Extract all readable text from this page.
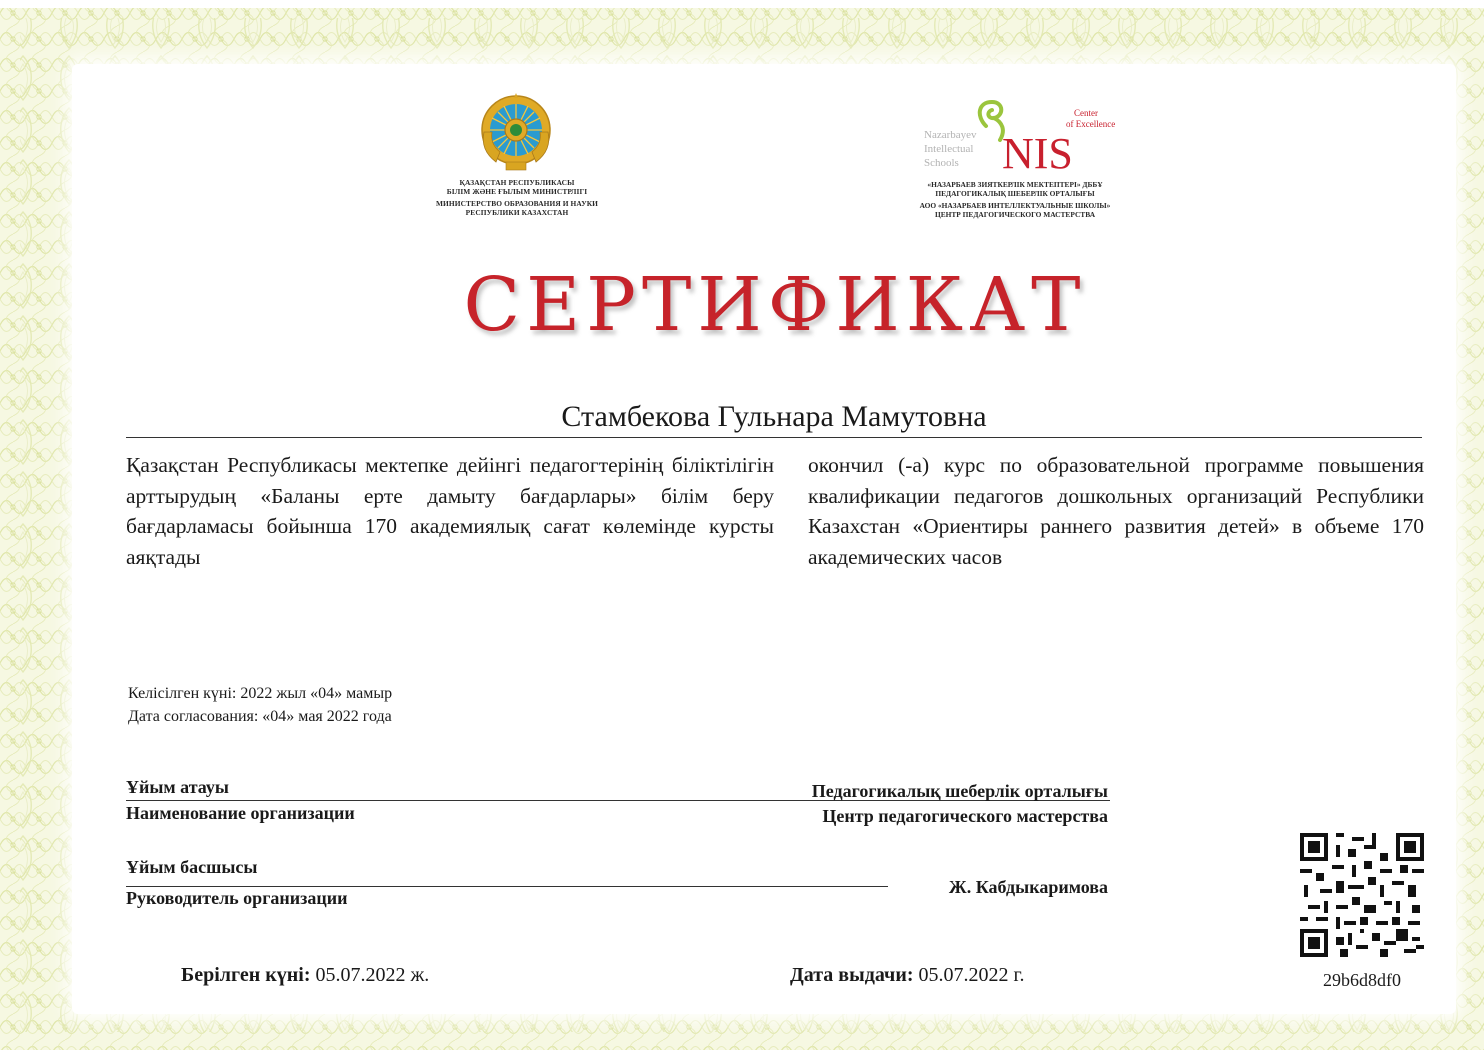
ҚАЗАҚСТАН РЕСПУБЛИКАСЫ
БІЛІМ ЖӘНЕ ҒЫЛЫМ МИНИСТРЛІГІ
МИНИСТЕРСТВО ОБРАЗОВАНИЯ И НАУКИ
РЕСПУБЛИКИ КАЗАХСТАН
Nazarbayev
Intellectual
Schools
Center
of Excellence
NIS
«НАЗАРБАЕВ ЗИЯТКЕРЛІК МЕКТЕПТЕРІ» ДББҰ
ПЕДАГОГИКАЛЫҚ ШЕБЕРЛІК ОРТАЛЫҒЫ
АОО «НАЗАРБАЕВ ИНТЕЛЛЕКТУАЛЬНЫЕ ШКОЛЫ»
ЦЕНТР ПЕДАГОГИЧЕСКОГО МАСТЕРСТВА
СЕРТИФИКАТ
Стамбекова Гульнара Мамутовна
Қазақстан Республикасы мектепке дейінгі педагогтерінің біліктілігін арттырудың «Баланы ерте дамыту бағдарлары» білім беру бағдарламасы бойынша 170 академиялық сағат көлемінде курсты аяқтады
окончил (-а) курс по образовательной программе повышения квалификации педагогов дошкольных организаций Республики Казахстан «Ориентиры раннего развития детей» в объеме 170 академических часов
Келісілген күні: 2022 жыл «04» мамыр
Дата согласования: «04» мая 2022 года
Ұйым атауы
Наименование организации
Педагогикалық шеберлік орталығы
Центр педагогического мастерства
Ұйым басшысы
Руководитель организации
Ж. Кабдыкаримова
29b6d8df0
Берілген күні: 05.07.2022 ж.	Дата выдачи: 05.07.2022 г.
